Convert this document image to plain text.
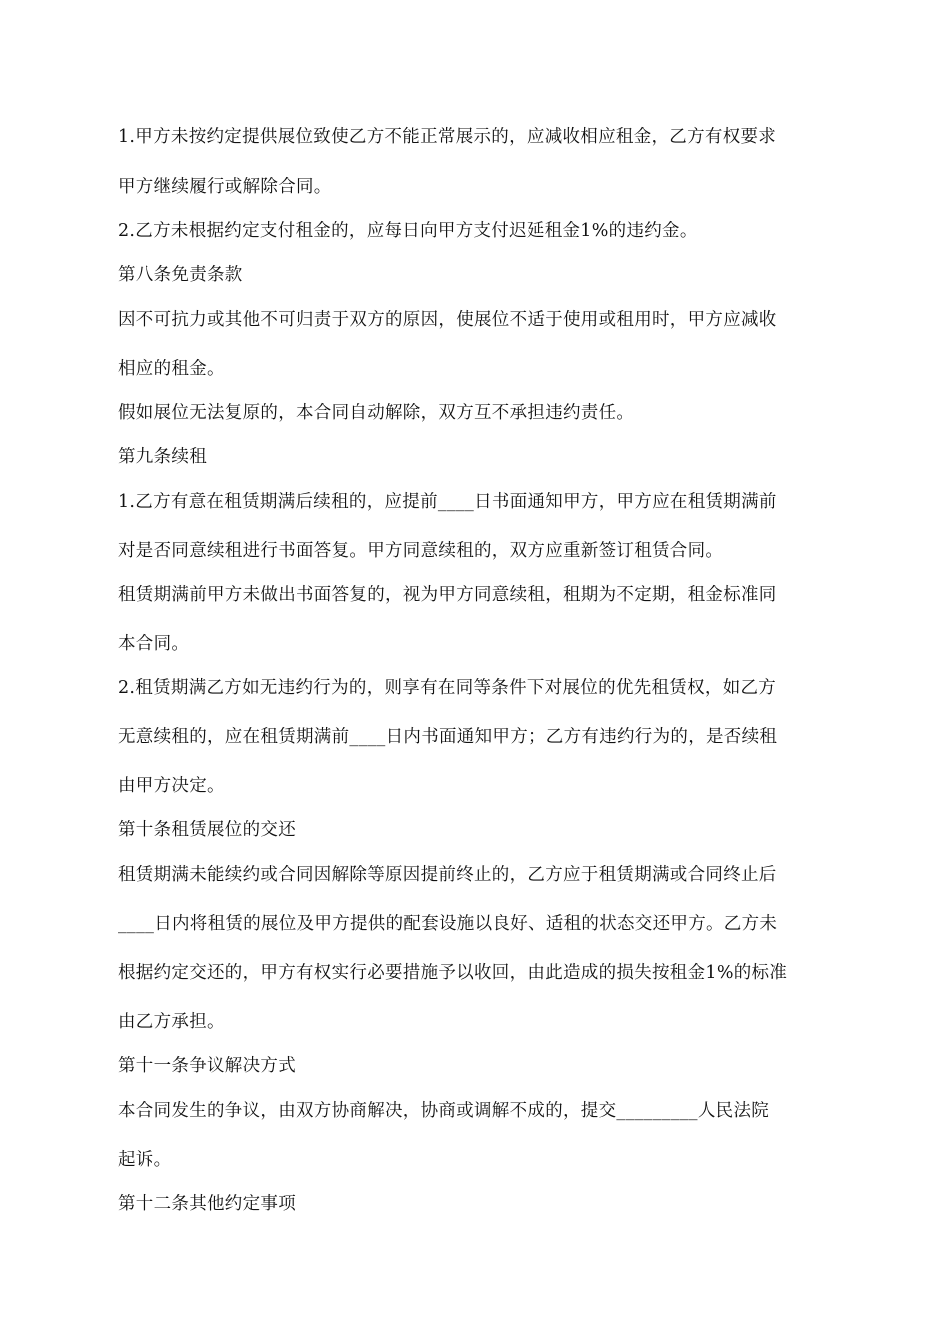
1.甲方未按约定提供展位致使乙方不能正常展示的，应减收相应租金，乙方有权要求

甲方继续履行或解除合同。

2.乙方未根据约定支付租金的，应每日向甲方支付迟延租金1%的违约金。

第八条免责条款

因不可抗力或其他不可归责于双方的原因，使展位不适于使用或租用时，甲方应减收

相应的租金。

假如展位无法复原的，本合同自动解除，双方互不承担违约责任。

第九条续租

1.乙方有意在租赁期满后续租的，应提前____日书面通知甲方，甲方应在租赁期满前

对是否同意续租进行书面答复。甲方同意续租的，双方应重新签订租赁合同。

租赁期满前甲方未做出书面答复的，视为甲方同意续租，租期为不定期，租金标准同

本合同。

2.租赁期满乙方如无违约行为的，则享有在同等条件下对展位的优先租赁权，如乙方

无意续租的，应在租赁期满前____日内书面通知甲方；乙方有违约行为的，是否续租

由甲方决定。

第十条租赁展位的交还

租赁期满未能续约或合同因解除等原因提前终止的，乙方应于租赁期满或合同终止后

____日内将租赁的展位及甲方提供的配套设施以良好、适租的状态交还甲方。乙方未

根据约定交还的，甲方有权实行必要措施予以收回，由此造成的损失按租金1%的标准

由乙方承担。

第十一条争议解决方式

本合同发生的争议，由双方协商解决，协商或调解不成的，提交_________人民法院

起诉。

第十二条其他约定事项
